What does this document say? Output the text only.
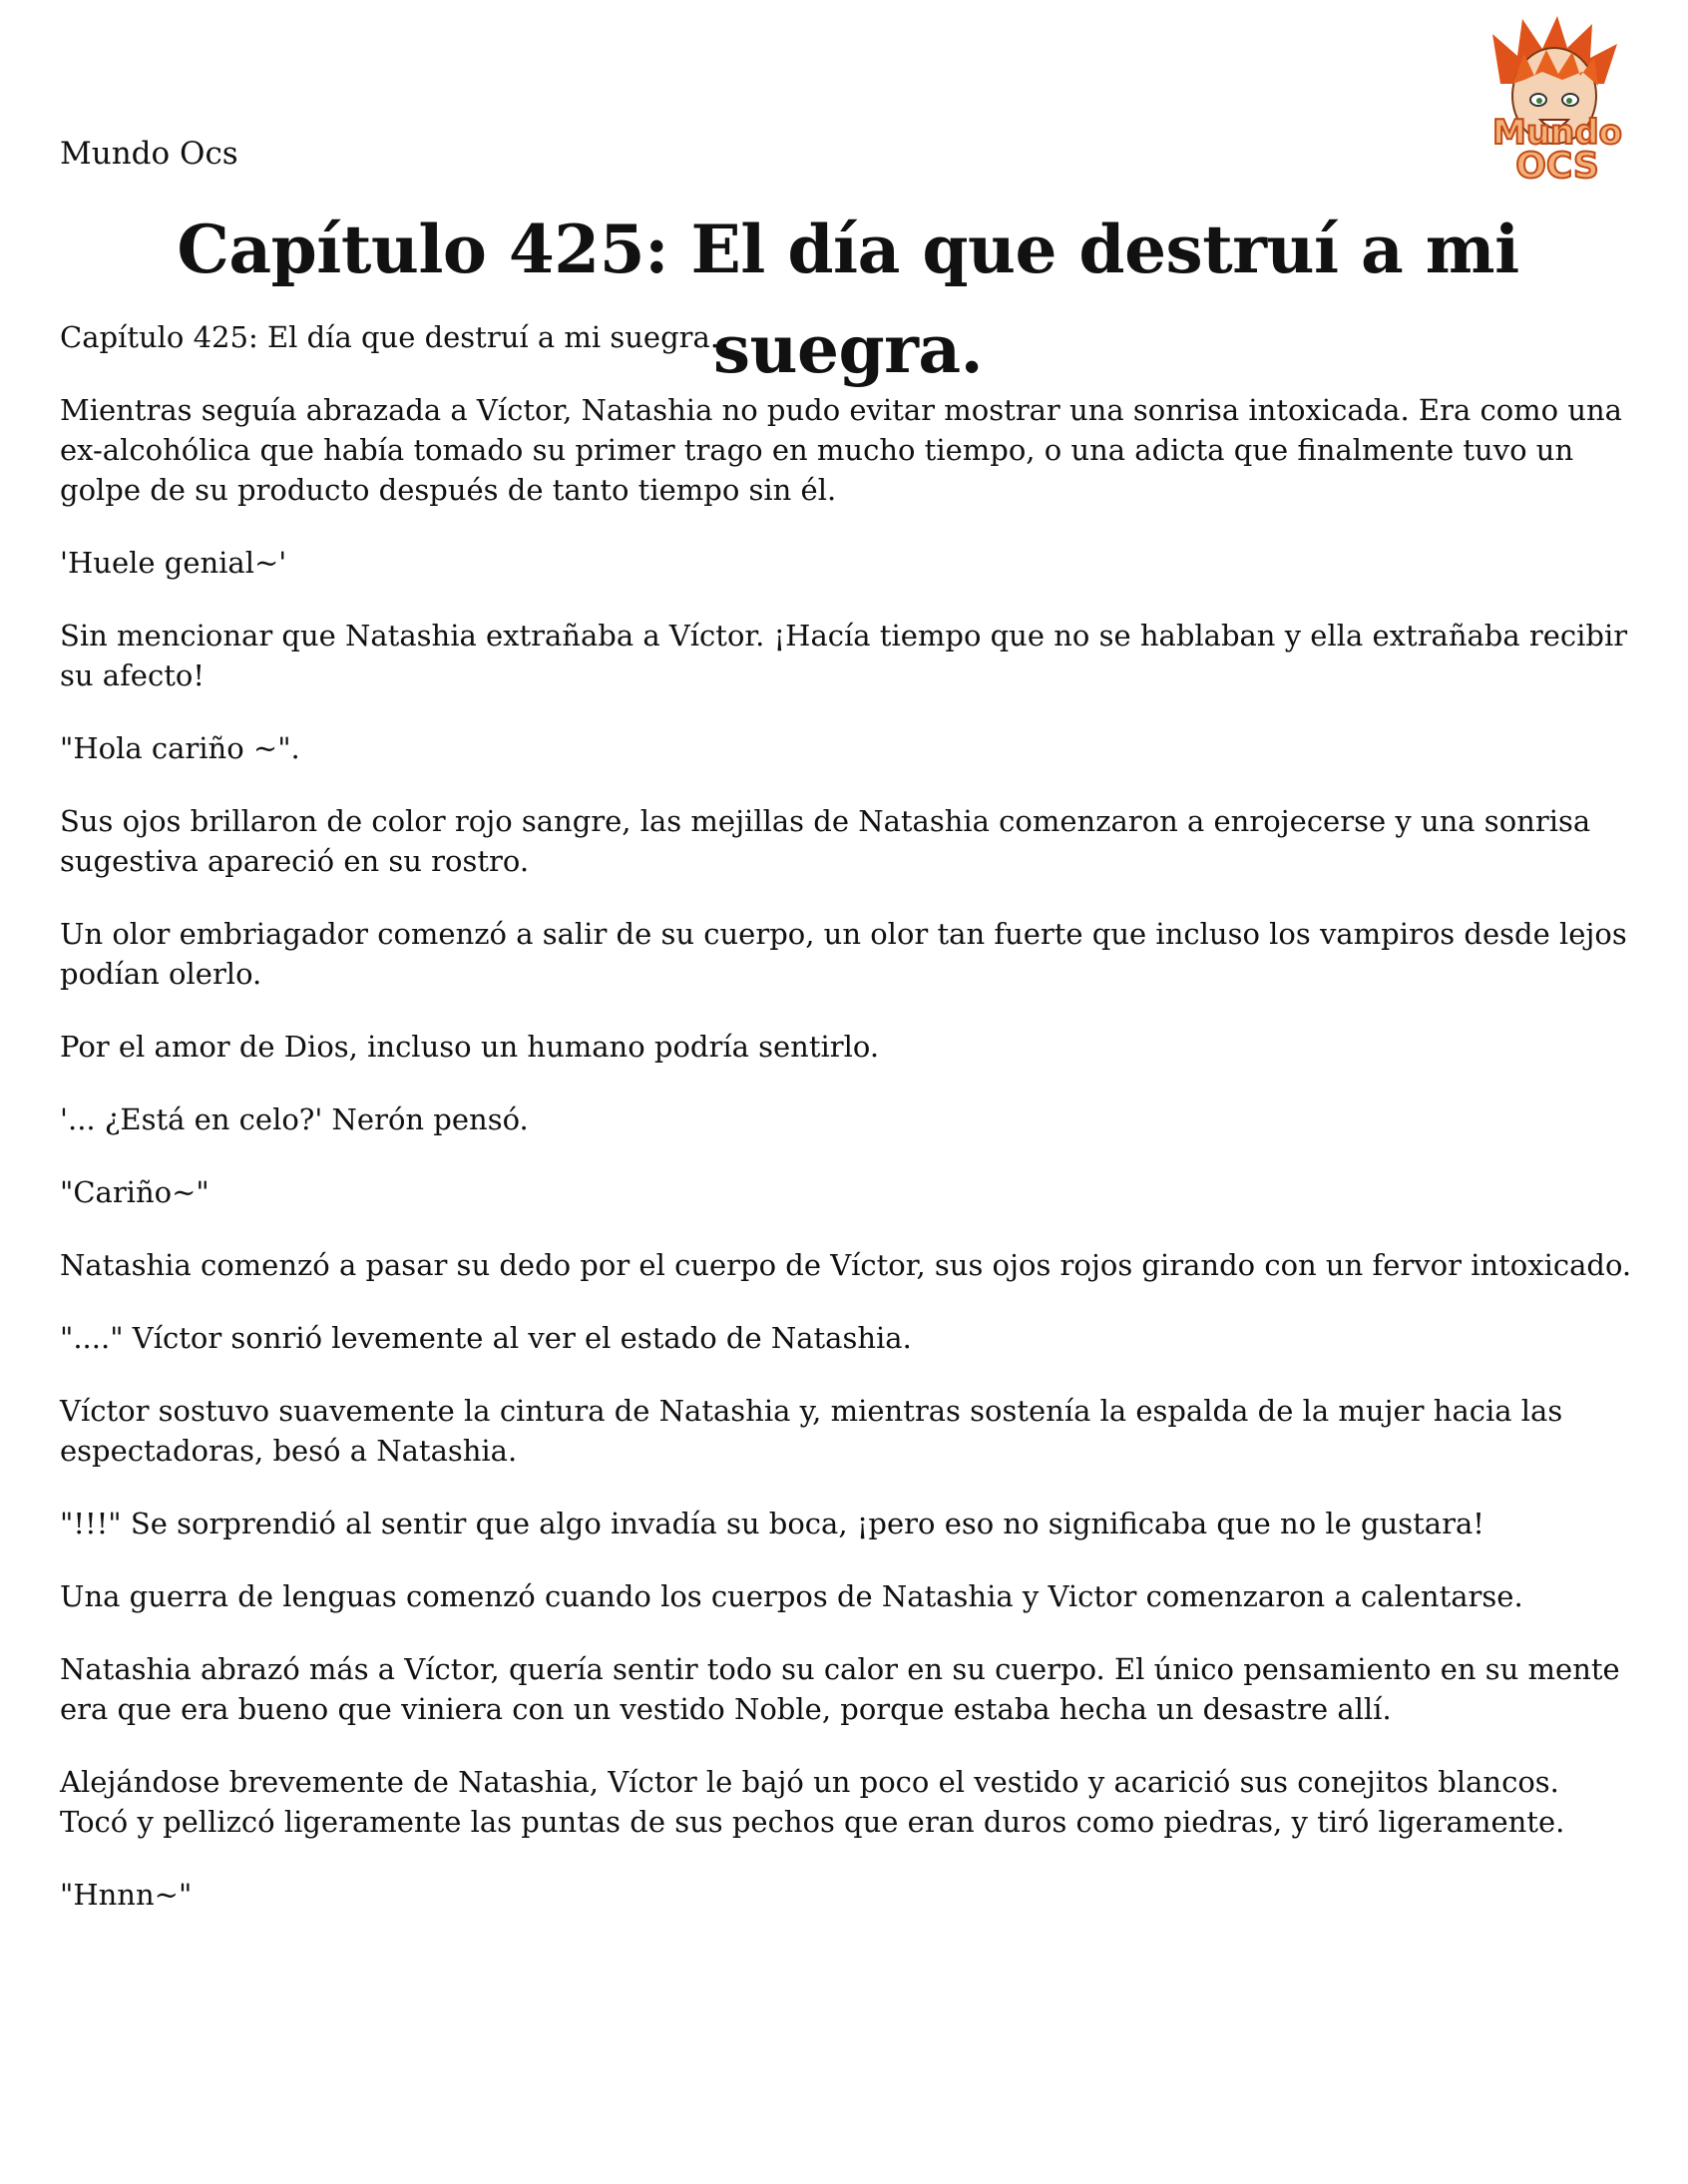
Mundo Ocs

Mundo
OCS
Capítulo 425: El día que destruí a mi suegra.

Capítulo 425: El día que destruí a mi suegra.

Mientras seguía abrazada a Víctor, Natashia no pudo evitar mostrar una sonrisa intoxicada. Era como una ex-alcohólica que había tomado su primer trago en mucho tiempo, o una adicta que finalmente tuvo un golpe de su producto después de tanto tiempo sin él.

'Huele genial~'

Sin mencionar que Natashia extrañaba a Víctor. ¡Hacía tiempo que no se hablaban y ella extrañaba recibir su afecto!

"Hola cariño ~".

Sus ojos brillaron de color rojo sangre, las mejillas de Natashia comenzaron a enrojecerse y una sonrisa sugestiva apareció en su rostro.

Un olor embriagador comenzó a salir de su cuerpo, un olor tan fuerte que incluso los vampiros desde lejos podían olerlo.

Por el amor de Dios, incluso un humano podría sentirlo.

'... ¿Está en celo?' Nerón pensó.

"Cariño~"

Natashia comenzó a pasar su dedo por el cuerpo de Víctor, sus ojos rojos girando con un fervor intoxicado.

"...." Víctor sonrió levemente al ver el estado de Natashia.

Víctor sostuvo suavemente la cintura de Natashia y, mientras sostenía la espalda de la mujer hacia las espectadoras, besó a Natashia.

"!!!" Se sorprendió al sentir que algo invadía su boca, ¡pero eso no significaba que no le gustara!

Una guerra de lenguas comenzó cuando los cuerpos de Natashia y Victor comenzaron a calentarse.

Natashia abrazó más a Víctor, quería sentir todo su calor en su cuerpo. El único pensamiento en su mente era que era bueno que viniera con un vestido Noble, porque estaba hecha un desastre allí.

Alejándose brevemente de Natashia, Víctor le bajó un poco el vestido y acarició sus conejitos blancos. Tocó y pellizcó ligeramente las puntas de sus pechos que eran duros como piedras, y tiró ligeramente.

"Hnnn~"
